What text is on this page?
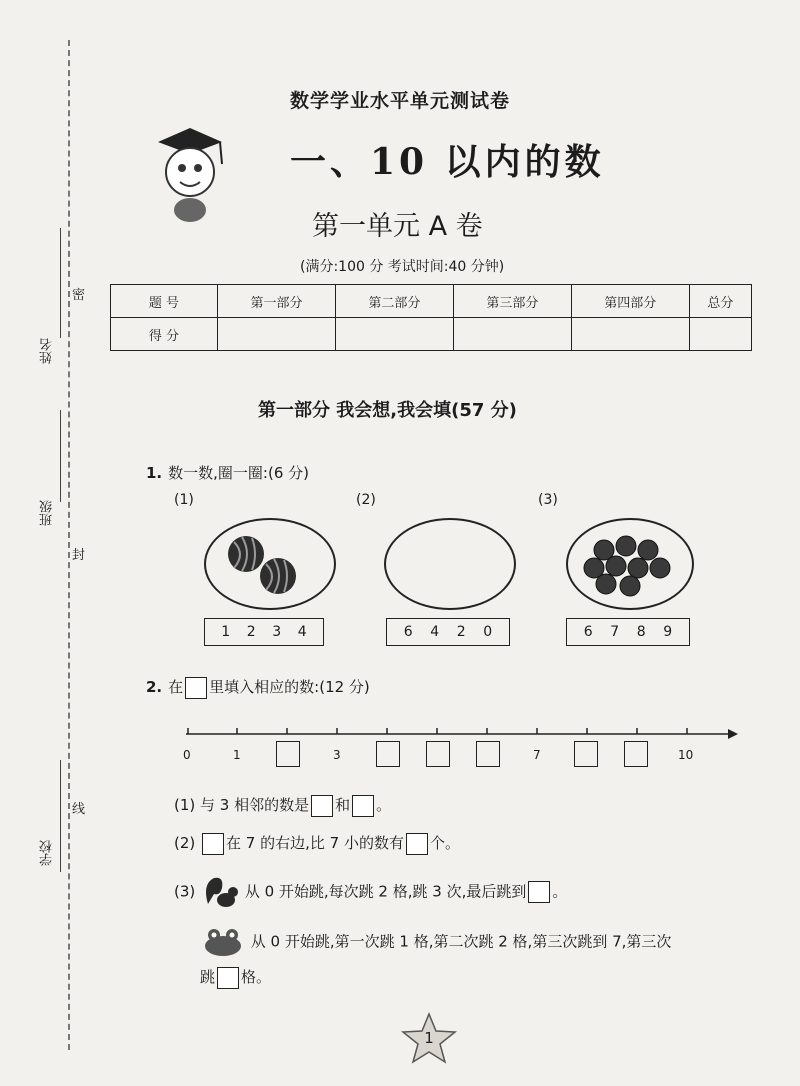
姓名
班级
学校
密
封
线
数学学业水平单元测试卷
一、10 以内的数
第一单元 A 卷
(满分:100 分 考试时间:40 分钟)
题 号	第一部分	第二部分	第三部分	第四部分	总分
得 分					
第一部分 我会想,我会填(57 分)
1. 数一数,圈一圈:(6 分)
(1)	(2)	(3)
1 2 3 4	6 4 2 0	6 7 8 9
2. 在 里填入相应的数:(12 分)
0	1	3	7	10
(1) 与 3 相邻的数是 和 。
(2) 在 7 的右边,比 7 小的数有 个。
(3)	从 0 开始跳,每次跳 2 格,跳 3 次,最后跳到 。
从 0 开始跳,第一次跳 1 格,第二次跳 2 格,第三次跳到 7,第三次
跳 格。
1
